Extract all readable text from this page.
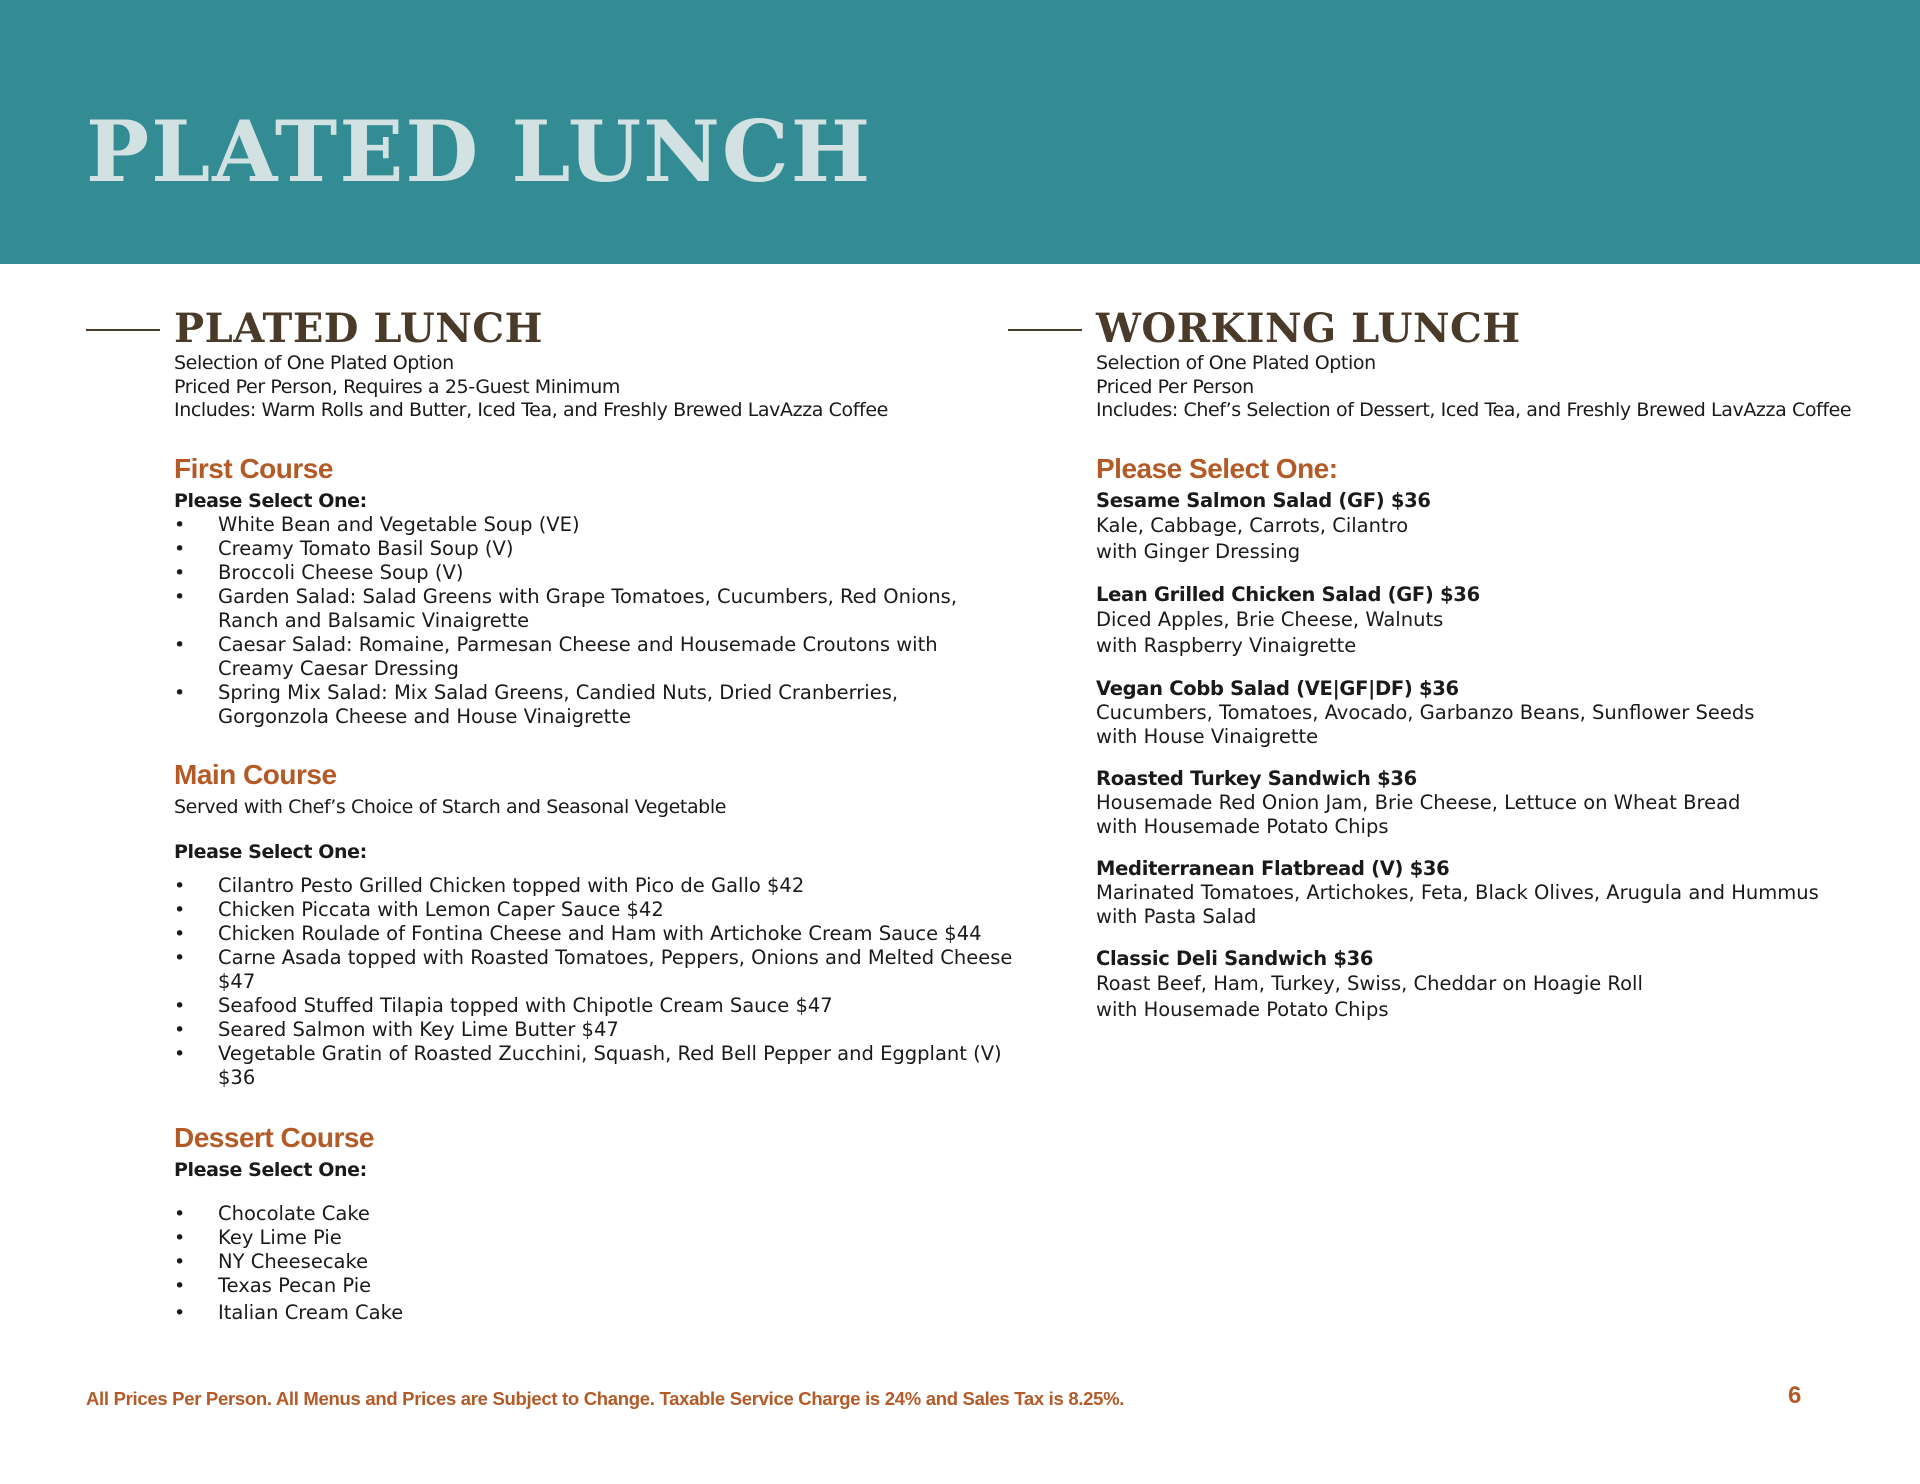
PLATED LUNCH
PLATED LUNCH
Selection of One Plated Option
Priced Per Person, Requires a 25-Guest Minimum
Includes: Warm Rolls and Butter, Iced Tea, and Freshly Brewed LavAzza Coffee
First Course
Please Select One:
• White Bean and Vegetable Soup (VE)
• Creamy Tomato Basil Soup (V)
• Broccoli Cheese Soup (V)
• Garden Salad: Salad Greens with Grape Tomatoes, Cucumbers, Red Onions,
Ranch and Balsamic Vinaigrette
• Caesar Salad: Romaine, Parmesan Cheese and Housemade Croutons with
Creamy Caesar Dressing
• Spring Mix Salad: Mix Salad Greens, Candied Nuts, Dried Cranberries,
Gorgonzola Cheese and House Vinaigrette
Main Course
Served with Chef’s Choice of Starch and Seasonal Vegetable
Please Select One:
• Cilantro Pesto Grilled Chicken topped with Pico de Gallo $42
• Chicken Piccata with Lemon Caper Sauce $42
• Chicken Roulade of Fontina Cheese and Ham with Artichoke Cream Sauce $44
• Carne Asada topped with Roasted Tomatoes, Peppers, Onions and Melted Cheese $47
• Seafood Stuffed Tilapia topped with Chipotle Cream Sauce $47
• Seared Salmon with Key Lime Butter $47
• Vegetable Gratin of Roasted Zucchini, Squash, Red Bell Pepper and Eggplant (V) $36
Dessert Course
Please Select One:
• Chocolate Cake
• Key Lime Pie
• NY Cheesecake
• Texas Pecan Pie
• Italian Cream Cake
WORKING LUNCH
Selection of One Plated Option
Priced Per Person
Includes: Chef’s Selection of Dessert, Iced Tea, and Freshly Brewed LavAzza Coffee
Please Select One:
Sesame Salmon Salad (GF) $36
Kale, Cabbage, Carrots, Cilantro
with Ginger Dressing
Lean Grilled Chicken Salad (GF) $36
Diced Apples, Brie Cheese, Walnuts
with Raspberry Vinaigrette
Vegan Cobb Salad (VE|GF|DF) $36
Cucumbers, Tomatoes, Avocado, Garbanzo Beans, Sunflower Seeds
with House Vinaigrette
Roasted Turkey Sandwich $36
Housemade Red Onion Jam, Brie Cheese, Lettuce on Wheat Bread
with Housemade Potato Chips
Mediterranean Flatbread (V) $36
Marinated Tomatoes, Artichokes, Feta, Black Olives, Arugula and Hummus
with Pasta Salad
Classic Deli Sandwich $36
Roast Beef, Ham, Turkey, Swiss, Cheddar on Hoagie Roll
with Housemade Potato Chips
All Prices Per Person. All Menus and Prices are Subject to Change. Taxable Service Charge is 24% and Sales Tax is 8.25%.	6
